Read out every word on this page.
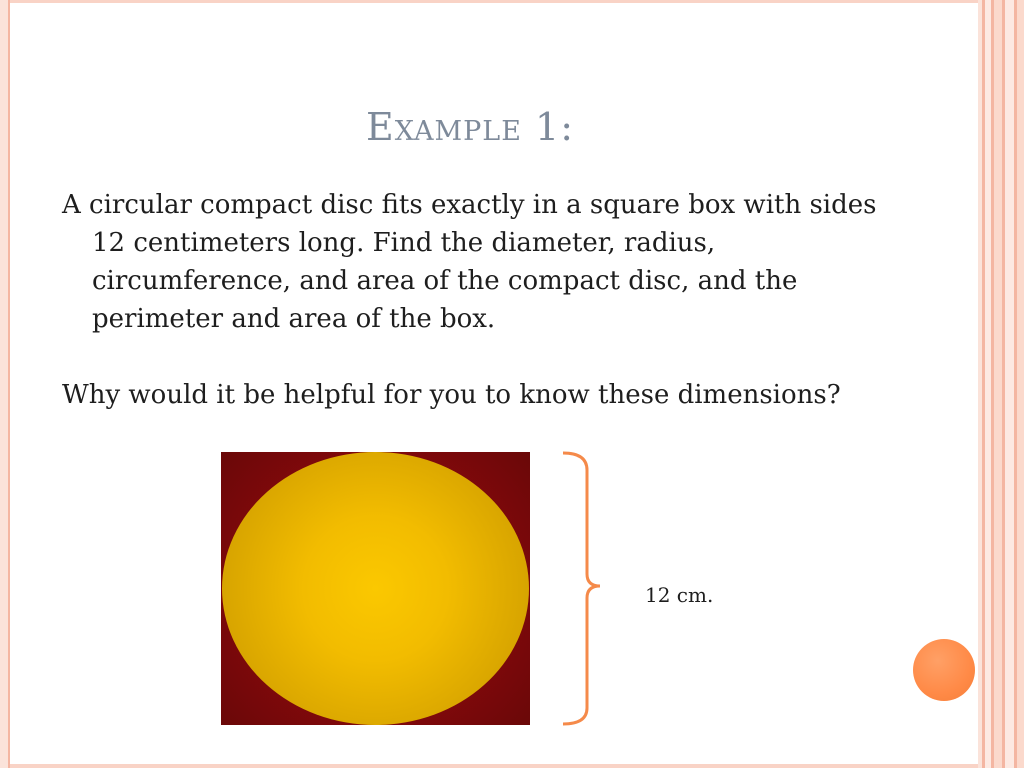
Example 1:

A circular compact disc fits exactly in a square box with sides 12 centimeters long. Find the diameter, radius, circumference, and area of the compact disc, and the perimeter and area of the box.

Why would it be helpful for you to know these dimensions?

12 cm.
